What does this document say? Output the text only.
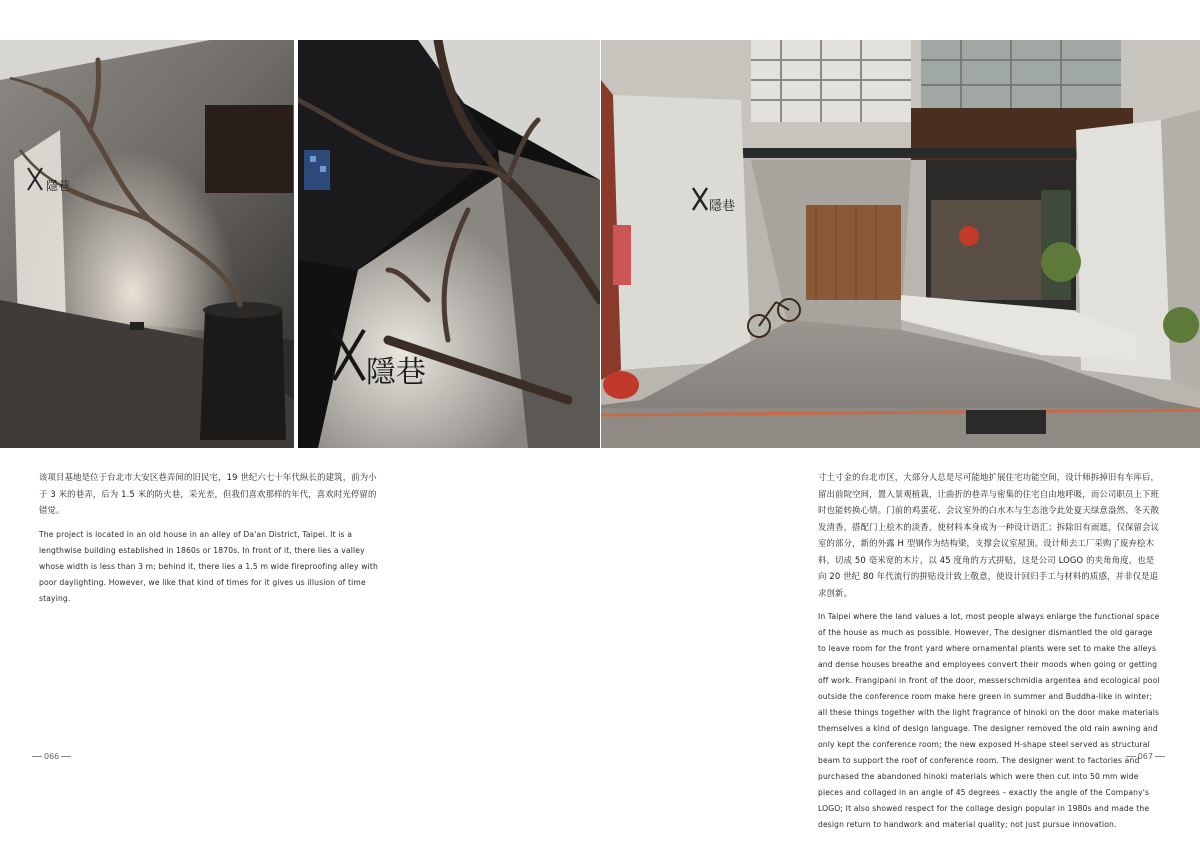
隱巷
隱巷
隱巷

该项目基地是位于台北市大安区巷弄间的旧民宅，19 世纪六七十年代纵长的建筑，前为小于 3 米的巷弄，后为 1.5 米的防火巷，采光差，但我们喜欢那样的年代，喜欢时光停留的错觉。

The project is located in an old house in an alley of Da'an District, Taipei. It is a lengthwise building established in 1860s or 1870s. In front of it, there lies a valley whose width is less than 3 m; behind it, there lies a 1.5 m wide fireproofing alley with poor daylighting. However, we like that kind of times for it gives us illusion of time staying.

寸土寸金的台北市区，大部分人总是尽可能地扩展住宅功能空间，设计师拆掉旧有车库后，留出前院空间，置入景观植栽，让曲折的巷弄与密集的住宅自由地呼吸，而公司职员上下班时也能转换心情。门前的鸡蛋花、会议室外的白水木与生态池令此处夏天绿意盎然、冬天散发清香，搭配门上桧木的淡香，使材料本身成为一种设计语汇；拆除旧有雨遮，仅保留会议室的部分，新的外露 H 型钢作为结构梁，支撑会议室屋顶。设计师去工厂采购了废弃桧木料，切成 50 毫米宽的木片，以 45 度角的方式拼贴，这是公司 LOGO 的夹角角度，也是向 20 世纪 80 年代流行的拼贴设计致上敬意，使设计回归手工与材料的质感，并非仅是追求创新。

In Taipei where the land values a lot, most people always enlarge the functional space of the house as much as possible. However, The designer dismantled the old garage to leave room for the front yard where ornamental plants were set to make the alleys and dense houses breathe and employees convert their moods when going or getting off work. Frangipani in front of the door, messerschmidia argentea and ecological pool outside the conference room make here green in summer and Buddha-like in winter; all these things together with the light fragrance of hinoki on the door make materials themselves a kind of design language. The designer removed the old rain awning and only kept the conference room; the new exposed H-shape steel served as structural beam to support the roof of conference room. The designer went to factories and purchased the abandoned hinoki materials which were then cut into 50 mm wide pieces and collaged in an angle of 45 degrees – exactly the angle of the Company's LOGO; It also showed respect for the collage design popular in 1980s and made the design return to handwork and material quality; not just pursue innovation.

066	067
